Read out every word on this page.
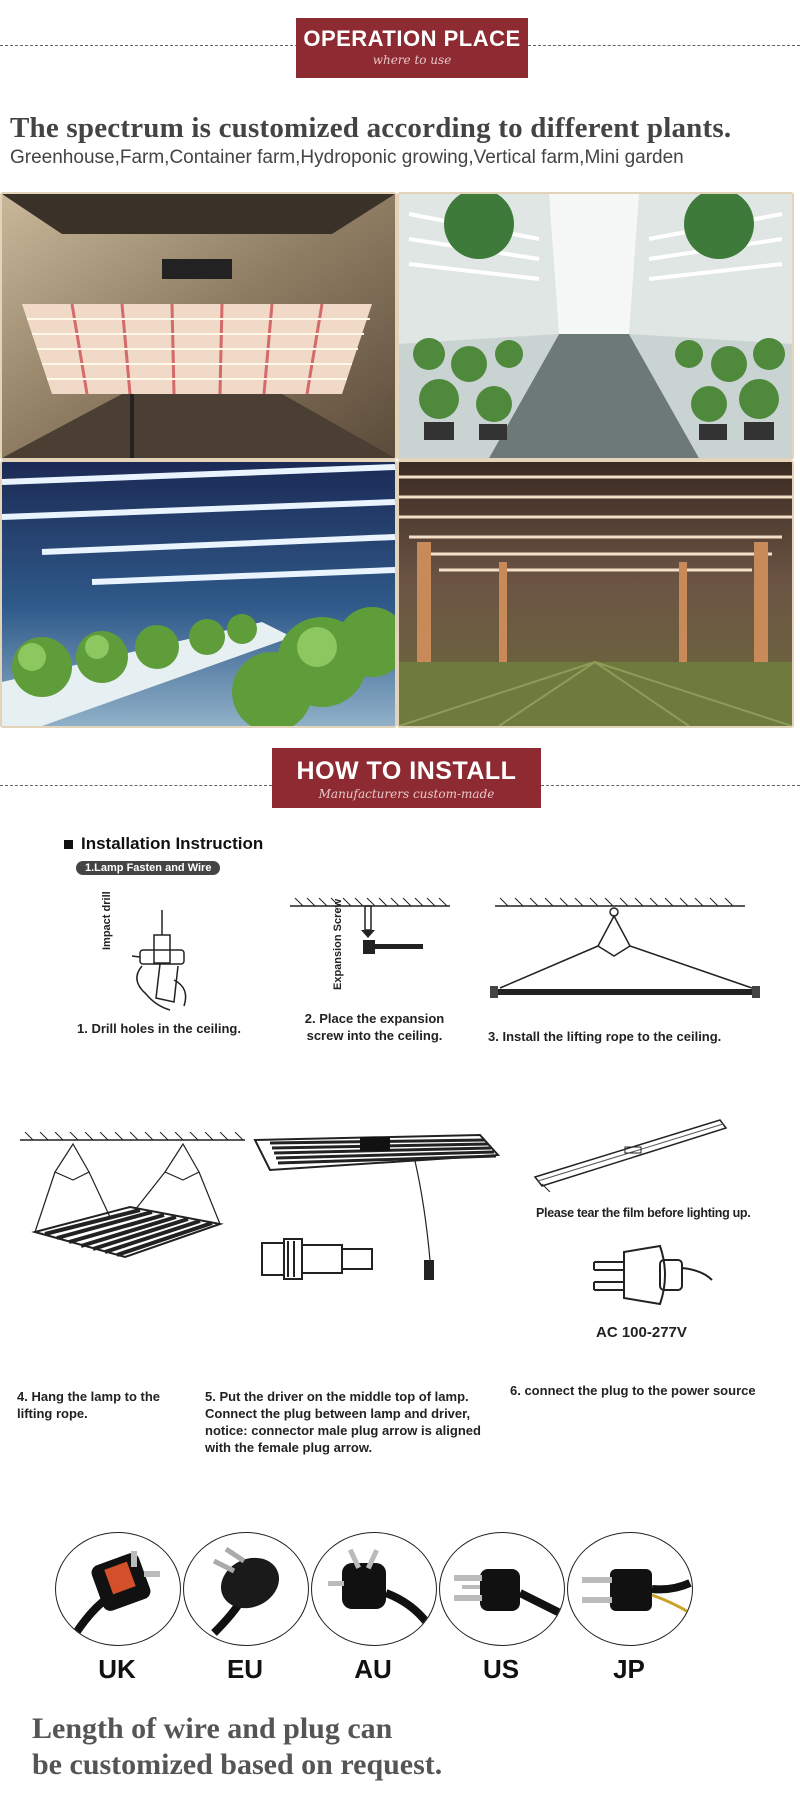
OPERATION PLACE
where to use
The spectrum is customized according to different plants.
Greenhouse,Farm,Container farm,Hydroponic growing,Vertical farm,Mini garden
HOW TO INSTALL
Manufacturers custom-made
Installation Instruction
1.Lamp Fasten and Wire
Impact drill
1. Drill holes in the ceiling.
Expansion Screw
2. Place the expansion screw into the ceiling.	3. Install the lifting rope to the ceiling.
4. Hang the lamp to the lifting rope.
5. Put the driver on the middle top of lamp. Connect the plug between lamp and driver, notice: connector male plug arrow is aligned with the female plug arrow.
Please tear the film before lighting up.
AC 100-277V
6. connect the plug to the power source
UK	EU	AU	US	JP
Length of wire and plug can
be customized based on request.
